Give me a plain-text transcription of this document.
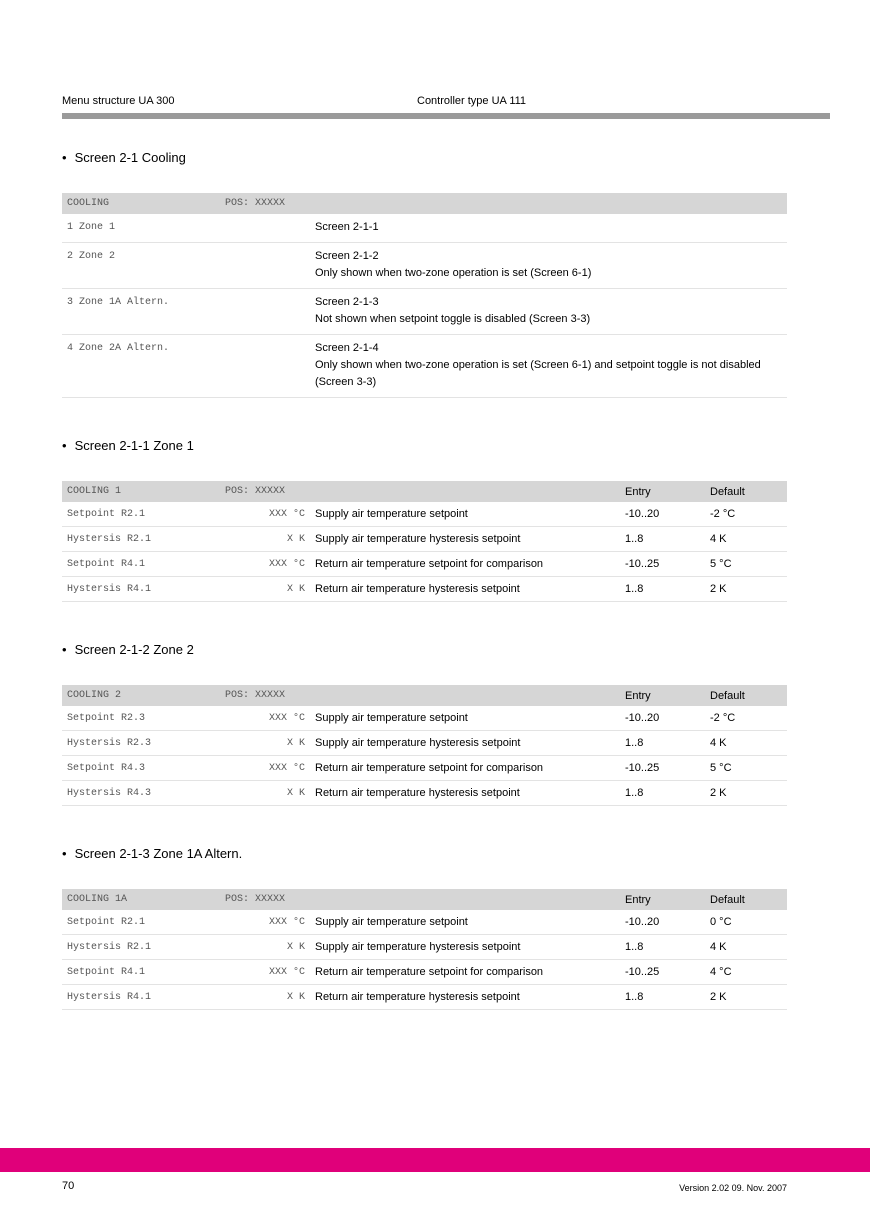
Menu structure UA 300	Controller type UA 111
• Screen 2-1 Cooling
COOLING	POS: XXXXX
1 Zone 1	Screen 2-1-1
2 Zone 2	Screen 2-1-2
Only shown when two-zone operation is set (Screen 6-1)
3 Zone 1A Altern.	Screen 2-1-3
Not shown when setpoint toggle is disabled (Screen 3-3)
4 Zone 2A Altern.	Screen 2-1-4
Only shown when two-zone operation is set (Screen 6-1) and setpoint toggle is not disabled (Screen 3-3)
• Screen 2-1-1 Zone 1
COOLING 1	POS: XXXXX	Entry	Default
Setpoint R2.1	XXX °C Supply air temperature setpoint	-10..20	-2 °C
Hystersis R2.1	X K Supply air temperature hysteresis setpoint	1..8	4 K
Setpoint R4.1	XXX °C Return air temperature setpoint for comparison	-10..25	5 °C
Hystersis R4.1	X K Return air temperature hysteresis setpoint	1..8	2 K
• Screen 2-1-2 Zone 2
COOLING 2	POS: XXXXX	Entry	Default
Setpoint R2.3	XXX °C Supply air temperature setpoint	-10..20	-2 °C
Hystersis R2.3	X K Supply air temperature hysteresis setpoint	1..8	4 K
Setpoint R4.3	XXX °C Return air temperature setpoint for comparison	-10..25	5 °C
Hystersis R4.3	X K Return air temperature hysteresis setpoint	1..8	2 K
• Screen 2-1-3 Zone 1A Altern.
COOLING 1A	POS: XXXXX	Entry	Default
Setpoint R2.1	XXX °C Supply air temperature setpoint	-10..20	0 °C
Hystersis R2.1	X K Supply air temperature hysteresis setpoint	1..8	4 K
Setpoint R4.1	XXX °C Return air temperature setpoint for comparison	-10..25	4 °C
Hystersis R4.1	X K Return air temperature hysteresis setpoint	1..8	2 K
70	Version 2.02 09. Nov. 2007
